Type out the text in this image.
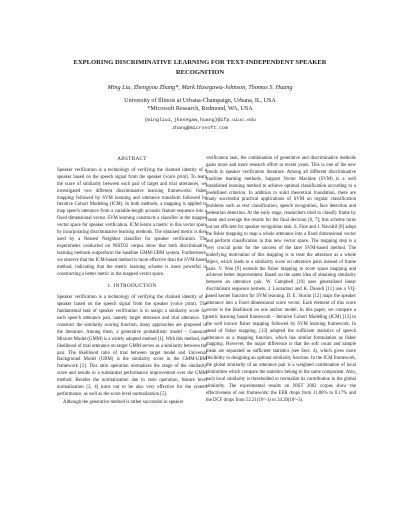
EXPLORING DISCRIMINATIVE LEARNING FOR TEXT-INDEPENDENT SPEAKER
RECOGNITION
Ming Liu, Zhengyou Zhang*, Mark Hasegawa-Johnson, Thomas S. Huang
University of Illinois at Urbana-Champaign, Urbana, IL, USA
*Microsoft Research, Redmond, WA, USA
{mingliu1,jhasegaw,huang}@ifp.uiuc.edu
zhang@microsoft.com
ABSTRACT

Speaker verification is a technology of verifying the claimed identity of a speaker based on the speech signal from the speaker (voice print). To learn the score of similarity between each pair of target and trial utterances, we investigated two different discriminative learning frameworks: fisher mapping followed by SVM learning and utterance transform followed by Iterative Cohort Modeling (ICM). In both methods, a mapping is applied to map speech utterance from a variable-length acoustic feature sequence into a fixed dimensional vector. SVM learning constructs a classifier in the mapped vector space for speaker verification. ICM learns a metric in this vector space by incorporating discriminative learning methods. The obtained metric is then used by a Nearest Neighbor classifier for speaker verification. The experiments conducted on NIST02 corpus show that both discriminative learning methods outperform the baseline GMM-UBM system. Furthermore, we observe that the ICM-based method is more effective than the SVM-based method, indicating that the metric learning scheme is more powerful in constructing a better metric in the mapped vector space.

1. INTRODUCTION

Speaker verification is a technology of verifying the claimed identity of a speaker based on the speech signal from the speaker (voice print). The fundamental task of speaker verification is to assign a similarity score for each speech utterance pair, namely target utterance and trial utterance. To construct the similarity scoring function, many approaches are proposed in the literature. Among them, a generative probabilistic model – Gaussian Mixture Model (GMM) is a widely adopted method [1]. With this method, the likelihood of trial utterance on target GMM serves as a similarity between the pair. The likelihood ratio of trial between target model and Universal Background Model (UBM) is the similarity score in the GMM-UBM framework [2]. This ratio operation normalizes the range of the similarity score and results in a substantial performance improvement over the GMM method. Besides the normalization due to ratio operation, feature level normalization [3, 4] turns out to be also very effective for the system performance, as well as the score level normalization [5].

Although the generative method is rather successful in speaker

verification task, the combination of generative and discriminative methods gains more and more research effort in recent years. This is one of the new trends in speaker verification literature. Among all different discriminative machine learning methods, Support Vector Machine (SVM) is a well established learning method to achieve optimal classification according to a predefined criterion. In addition to solid theoretical foundation, there are many successful practical applications of SVM on regular classification problems such as text classification, speech recognition, face detection and pedestrian detection. At the early stage, researchers tried to classify frame by frame and average the results for the final decision [6, 7]; this scheme turns out not efficient for speaker recognition task. S. Fine and J. Navrátil [8] adopt the fisher mapping to map a whole utterance into a fixed dimensional vector and perform classification in this new vector space. The mapping step is a very crucial point for the success of the later SVM-based method. The underlying motivation of this mapping is to treat the utterance as a whole object, which leads to a similarity score on utterance pairs instead of frame pairs. V. Wan [9] extends the fisher mapping to score space mapping and achieves better improvement. Based on the same idea of obtaining similarity between an utterance pair, W. Campbell [10] uses generalized linear discriminant sequence kernels. J. Louradour and K. Daoudi [11] use a VQ-based kernel function for SVM learning. D. E. Sturim [12] maps the speaker utterance into a fixed dimensional score vector. Each element of this score vector is the likelihood on one anchor model. In this paper, we compare a metric learning based framework – Iterative Cohort Modeling (ICM) [13] to the well known fisher mapping followed by SVM learning framework. In stead of fisher mapping, [13] adopted the sufficient statistics of speech utterance as a mapping function, which has similar formulation as fisher mapping. However, the major difference is that the soft count and sample mean are separated as sufficient statistics (see Sect. 4), which gives more flexibility in designing an optimal similarity function. In the ICM framework, the global similarity of an utterance pair is a weighted combination of local similarities which compare the statistics belong to the same component. Also, each local similarity is thresholded to normalize its contribution to the global similarity. The experimental results on NIST 2002 corpus show the effectiveness of our framework: the EER drops from 11.08% to 8.17% and the DCF drops from 52.21(10^-3) to 34.20(10^-3).
